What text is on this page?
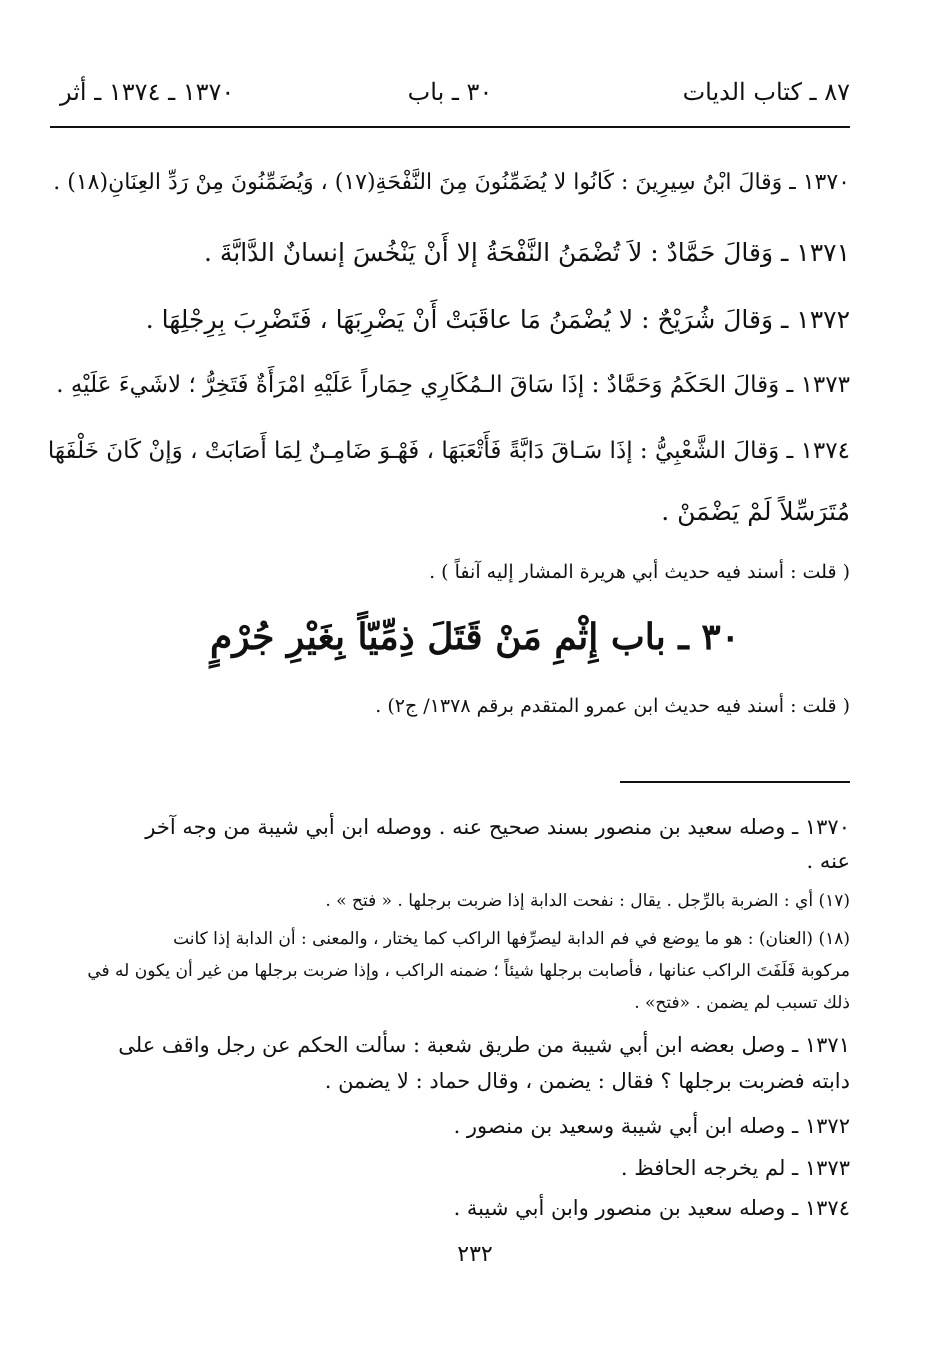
٨٧ ـ كتاب الديات
٣٠ ـ باب
١٣٧٠ ـ ١٣٧٤ ـ أثر
١٣٧٠ ـ وَقالَ ابْنُ سِيرِينَ : كَانُوا لا يُضَمِّنُونَ مِنَ النَّفْحَةِ(١٧) ، وَيُضَمِّنُونَ مِنْ رَدِّ العِنَانِ(١٨) .
١٣٧١ ـ وَقالَ حَمَّادٌ : لاَ تُضْمَنُ النَّفْحَةُ إلا أَنْ يَنْخُسَ إنسانٌ الدَّابَّةَ .
١٣٧٢ ـ وَقالَ شُرَيْحٌ : لا يُضْمَنُ مَا عاقَبَتْ أَنْ يَضْرِبَهَا ، فَتَضْرِبَ بِرِجْلِهَا .
١٣٧٣ ـ وَقالَ الحَكَمُ وَحَمَّادٌ : إذَا سَاقَ الـمُكَارِي حِمَاراً عَلَيْهِ امْرَأَةٌ فَتَخِرُّ ؛ لاشَيءَ عَلَيْهِ .
١٣٧٤ ـ وَقالَ الشَّعْبِيُّ : إذَا سَـاقَ دَابَّةً فَأَتْعَبَهَا ، فَهْـوَ ضَامِـنٌ لِمَا أَصَابَتْ ، وَإنْ كَانَ خَلْفَهَا
مُتَرَسِّلاً لَمْ يَضْمَنْ .
( قلت : أسند فيه حديث أبي هريرة المشار إليه آنفاً ) .
٣٠ ـ باب إِثْمِ مَنْ قَتَلَ ذِمِّيّاً بِغَيْرِ جُرْمٍ
( قلت : أسند فيه حديث ابن عمرو المتقدم برقم ١٣٧٨/ ج٢) .
١٣٧٠ ـ وصله سعيد بن منصور بسند صحيح عنه . ووصله ابن أبي شيبة من وجه آخر
عنه .
(١٧) أي : الضربة بالرِّجل . يقال : نفحت الدابة إذا ضربت برجلها . « فتح » .
(١٨) (العنان) : هو ما يوضع في فم الدابة ليصرِّفها الراكب كما يختار ، والمعنى : أن الدابة إذا كانت
مركوبة فَلَفَتَ الراكب عنانها ، فأصابت برجلها شيئاً ؛ ضمنه الراكب ، وإذا ضربت برجلها من غير أن يكون له في
ذلك تسبب لم يضمن . «فتح» .
١٣٧١ ـ وصل بعضه ابن أبي شيبة من طريق شعبة : سألت الحكم عن رجل واقف على
دابته فضربت برجلها ؟ فقال : يضمن ، وقال حماد : لا يضمن .
١٣٧٢ ـ وصله ابن أبي شيبة وسعيد بن منصور .
١٣٧٣ ـ لم يخرجه الحافظ .
١٣٧٤ ـ وصله سعيد بن منصور وابن أبي شيبة .
٢٣٢
